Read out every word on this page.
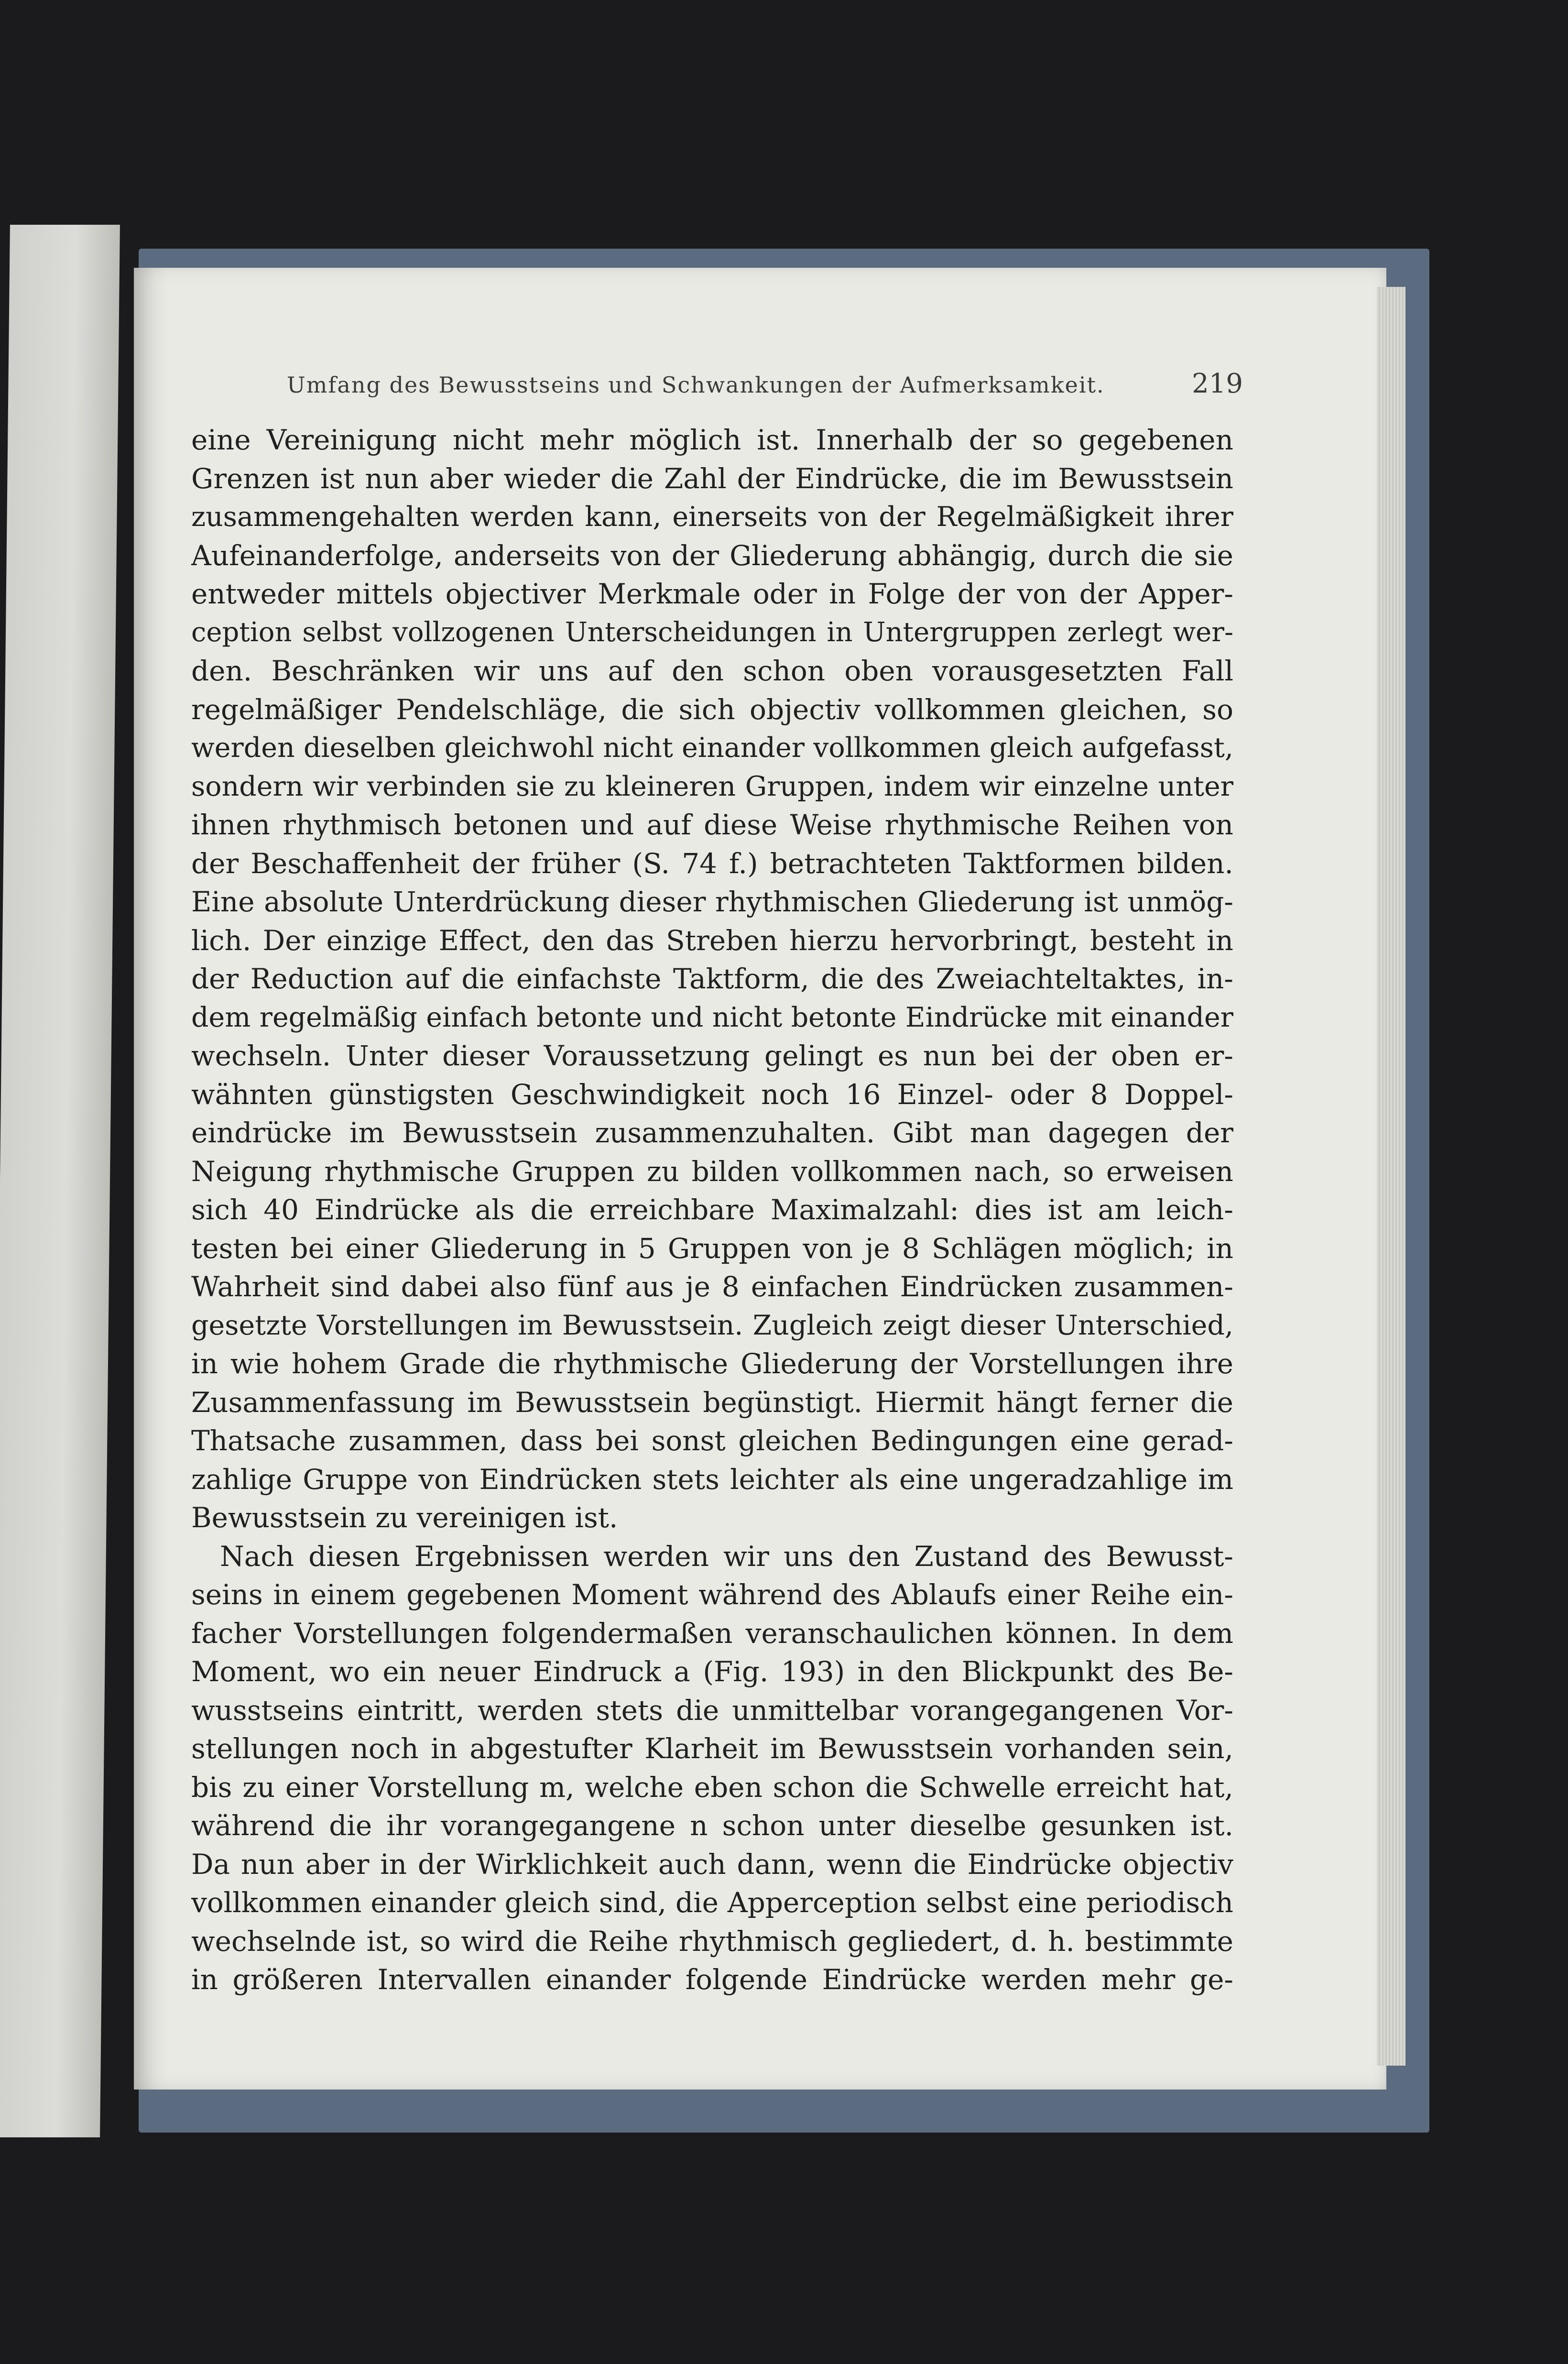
Umfang des Bewusstseins und Schwankungen der Aufmerksamkeit.	219
eine Vereinigung nicht mehr möglich ist. Innerhalb der so gegebenen
Grenzen ist nun aber wieder die Zahl der Eindrücke, die im Bewusstsein
zusammengehalten werden kann, einerseits von der Regelmäßigkeit ihrer
Aufeinanderfolge, anderseits von der Gliederung abhängig, durch die sie
entweder mittels objectiver Merkmale oder in Folge der von der Apper-
ception selbst vollzogenen Unterscheidungen in Untergruppen zerlegt wer-
den. Beschränken wir uns auf den schon oben vorausgesetzten Fall
regelmäßiger Pendelschläge, die sich objectiv vollkommen gleichen, so
werden dieselben gleichwohl nicht einander vollkommen gleich aufgefasst,
sondern wir verbinden sie zu kleineren Gruppen, indem wir einzelne unter
ihnen rhythmisch betonen und auf diese Weise rhythmische Reihen von
der Beschaffenheit der früher (S. 74 f.) betrachteten Taktformen bilden.
Eine absolute Unterdrückung dieser rhythmischen Gliederung ist unmög-
lich. Der einzige Effect, den das Streben hierzu hervorbringt, besteht in
der Reduction auf die einfachste Taktform, die des Zweiachteltaktes, in-
dem regelmäßig einfach betonte und nicht betonte Eindrücke mit einander
wechseln. Unter dieser Voraussetzung gelingt es nun bei der oben er-
wähnten günstigsten Geschwindigkeit noch 16 Einzel- oder 8 Doppel-
eindrücke im Bewusstsein zusammenzuhalten. Gibt man dagegen der
Neigung rhythmische Gruppen zu bilden vollkommen nach, so erweisen
sich 40 Eindrücke als die erreichbare Maximalzahl: dies ist am leich-
testen bei einer Gliederung in 5 Gruppen von je 8 Schlägen möglich; in
Wahrheit sind dabei also fünf aus je 8 einfachen Eindrücken zusammen-
gesetzte Vorstellungen im Bewusstsein. Zugleich zeigt dieser Unterschied,
in wie hohem Grade die rhythmische Gliederung der Vorstellungen ihre
Zusammenfassung im Bewusstsein begünstigt. Hiermit hängt ferner die
Thatsache zusammen, dass bei sonst gleichen Bedingungen eine gerad-
zahlige Gruppe von Eindrücken stets leichter als eine ungeradzahlige im
Bewusstsein zu vereinigen ist.
Nach diesen Ergebnissen werden wir uns den Zustand des Bewusst-
seins in einem gegebenen Moment während des Ablaufs einer Reihe ein-
facher Vorstellungen folgendermaßen veranschaulichen können. In dem
Moment, wo ein neuer Eindruck a (Fig. 193) in den Blickpunkt des Be-
wusstseins eintritt, werden stets die unmittelbar vorangegangenen Vor-
stellungen noch in abgestufter Klarheit im Bewusstsein vorhanden sein,
bis zu einer Vorstellung m, welche eben schon die Schwelle erreicht hat,
während die ihr vorangegangene n schon unter dieselbe gesunken ist.
Da nun aber in der Wirklichkeit auch dann, wenn die Eindrücke objectiv
vollkommen einander gleich sind, die Apperception selbst eine periodisch
wechselnde ist, so wird die Reihe rhythmisch gegliedert, d. h. bestimmte
in größeren Intervallen einander folgende Eindrücke werden mehr ge-
